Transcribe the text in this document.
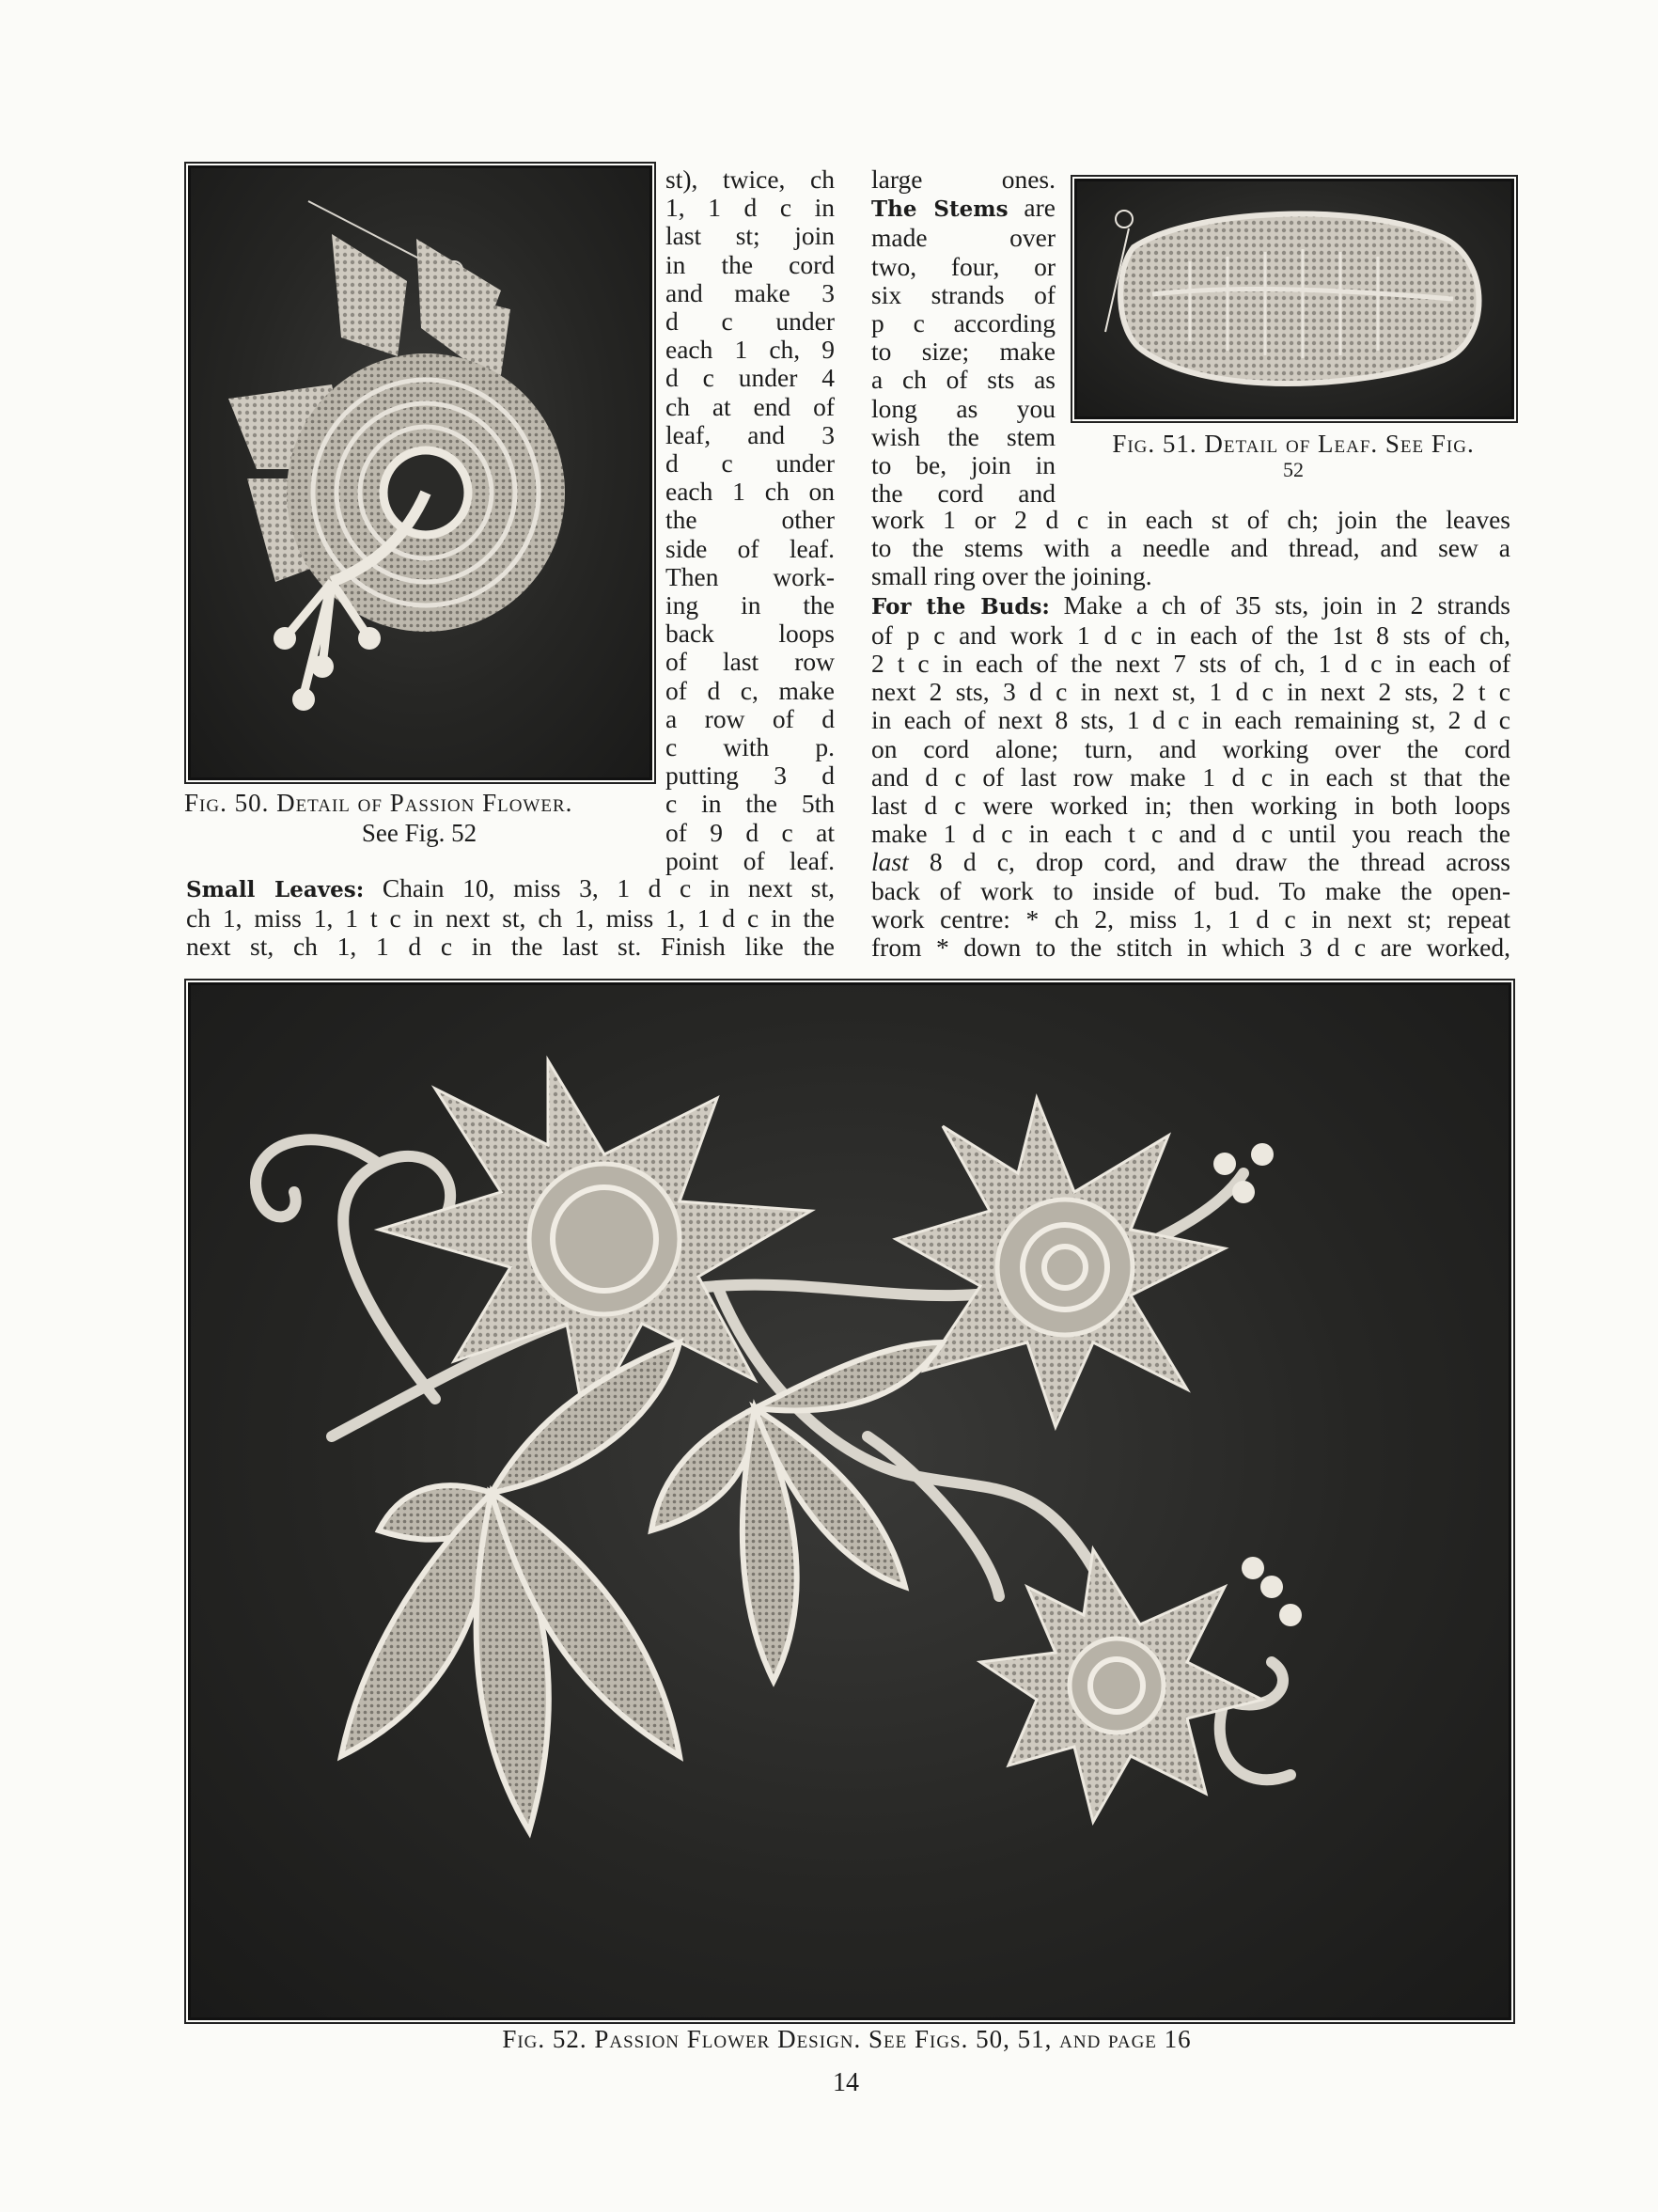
Fig. 50. Detail of Passion Flower.
See Fig. 52
st), twice, ch
1, 1 d c in
last st; join
in the cord
and make 3
d c under
each 1 ch, 9
d c under 4
ch at end of
leaf, and 3
d c under
each 1 ch on
the other
side of leaf.
Then work-
ing in the
back loops
of last row
of d c, make
a row of d
c with p.
putting 3 d
c in the 5th
of 9 d c at
point of leaf.
Small Leaves: Chain 10, miss 3, 1 d c in next st,
ch 1, miss 1, 1 t c in next st, ch 1, miss 1, 1 d c in the
next st, ch 1, 1 d c in the last st. Finish like the
large ones.
The Stems are
made over
two, four, or
six strands of
p c according
to size; make
a ch of sts as
long as you
wish the stem
to be, join in
the cord and
Fig. 51. Detail of Leaf. See Fig.
52
work 1 or 2 d c in each st of ch; join the leaves
to the stems with a needle and thread, and sew a
small ring over the joining.
For the Buds: Make a ch of 35 sts, join in 2 strands
of p c and work 1 d c in each of the 1st 8 sts of ch,
2 t c in each of the next 7 sts of ch, 1 d c in each of
next 2 sts, 3 d c in next st, 1 d c in next 2 sts, 2 t c
in each of next 8 sts, 1 d c in each remaining st, 2 d c
on cord alone; turn, and working over the cord
and d c of last row make 1 d c in each st that the
last d c were worked in; then working in both loops
make 1 d c in each t c and d c until you reach the
last 8 d c, drop cord, and draw the thread across
back of work to inside of bud. To make the open-
work centre: * ch 2, miss 1, 1 d c in next st; repeat
from * down to the stitch in which 3 d c are worked,
Fig. 52. Passion Flower Design. See Figs. 50, 51, and page 16
14
